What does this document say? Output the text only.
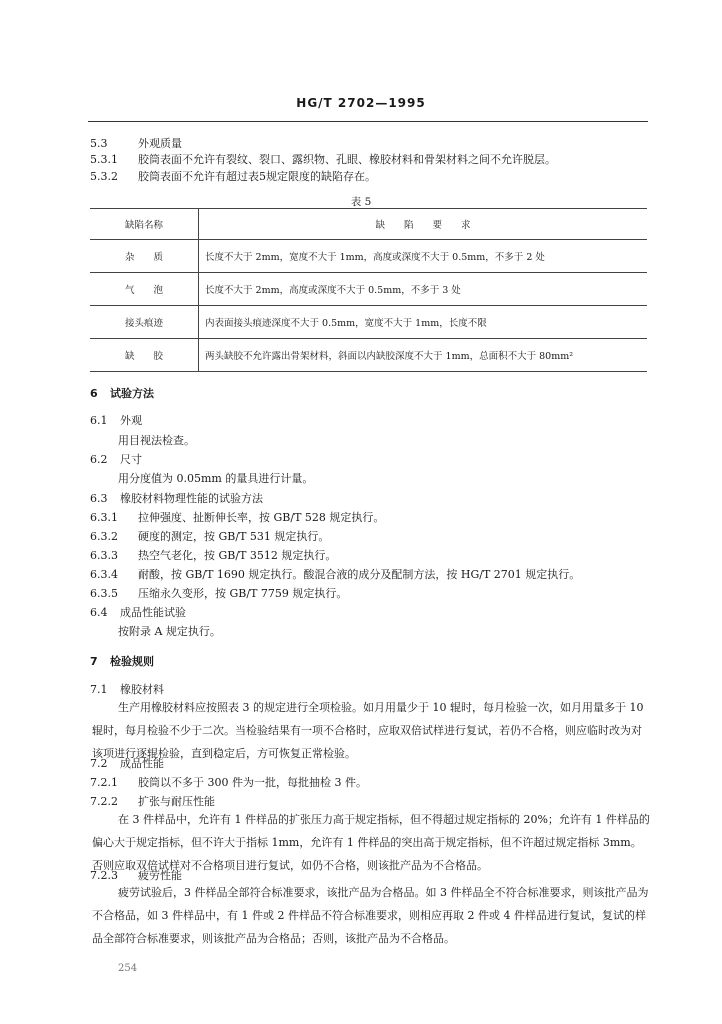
HG/T 2702—1995
5.3	外观质量
5.3.1 胶筒表面不允许有裂纹、裂口、露织物、孔眼、橡胶材料和骨架材料之间不允许脱层。
5.3.2 胶筒表面不允许有超过表5规定限度的缺陷存在。
表 5
缺陷名称	缺　　陷　　要　　求
杂　　质	长度不大于 2mm，宽度不大于 1mm，高度或深度不大于 0.5mm，不多于 2 处
气　　泡	长度不大于 2mm，高度或深度不大于 0.5mm，不多于 3 处
接头痕迹	内表面接头痕迹深度不大于 0.5mm，宽度不大于 1mm，长度不限
缺　　胶	两头缺胶不允许露出骨架材料，斜面以内缺胶深度不大于 1mm，总面积不大于 80mm²
6 试验方法
6.1 外观
用目视法检查。
6.2 尺寸
用分度值为 0.05mm 的量具进行计量。
6.3 橡胶材料物理性能的试验方法
6.3.1 拉伸强度、扯断伸长率，按 GB/T 528 规定执行。
6.3.2 硬度的测定，按 GB/T 531 规定执行。
6.3.3 热空气老化，按 GB/T 3512 规定执行。
6.3.4 耐酸，按 GB/T 1690 规定执行。酸混合液的成分及配制方法，按 HG/T 2701 规定执行。
6.3.5 压缩永久变形，按 GB/T 7759 规定执行。
6.4 成品性能试验
按附录 A 规定执行。
7 检验规则
7.1 橡胶材料
生产用橡胶材料应按照表 3 的规定进行全项检验。如月用量少于 10 辊时，每月检验一次，如月用量多于 10 辊时，每月检验不少于二次。当检验结果有一项不合格时，应取双倍试样进行复试，若仍不合格，则应临时改为对该项进行逐辊检验，直到稳定后，方可恢复正常检验。
7.2 成品性能
7.2.1 胶筒以不多于 300 件为一批，每批抽检 3 件。
7.2.2 扩张与耐压性能
在 3 件样品中，允许有 1 件样品的扩张压力高于规定指标，但不得超过规定指标的 20%；允许有 1 件样品的偏心大于规定指标，但不许大于指标 1mm，允许有 1 件样品的突出高于规定指标，但不许超过规定指标 3mm。否则应取双倍试样对不合格项目进行复试，如仍不合格，则该批产品为不合格品。
7.2.3 疲劳性能
疲劳试验后，3 件样品全部符合标准要求，该批产品为合格品。如 3 件样品全不符合标准要求，则该批产品为不合格品，如 3 件样品中，有 1 件或 2 件样品不符合标准要求，则相应再取 2 件或 4 件样品进行复试，复试的样品全部符合标准要求，则该批产品为合格品；否则，该批产品为不合格品。
254
